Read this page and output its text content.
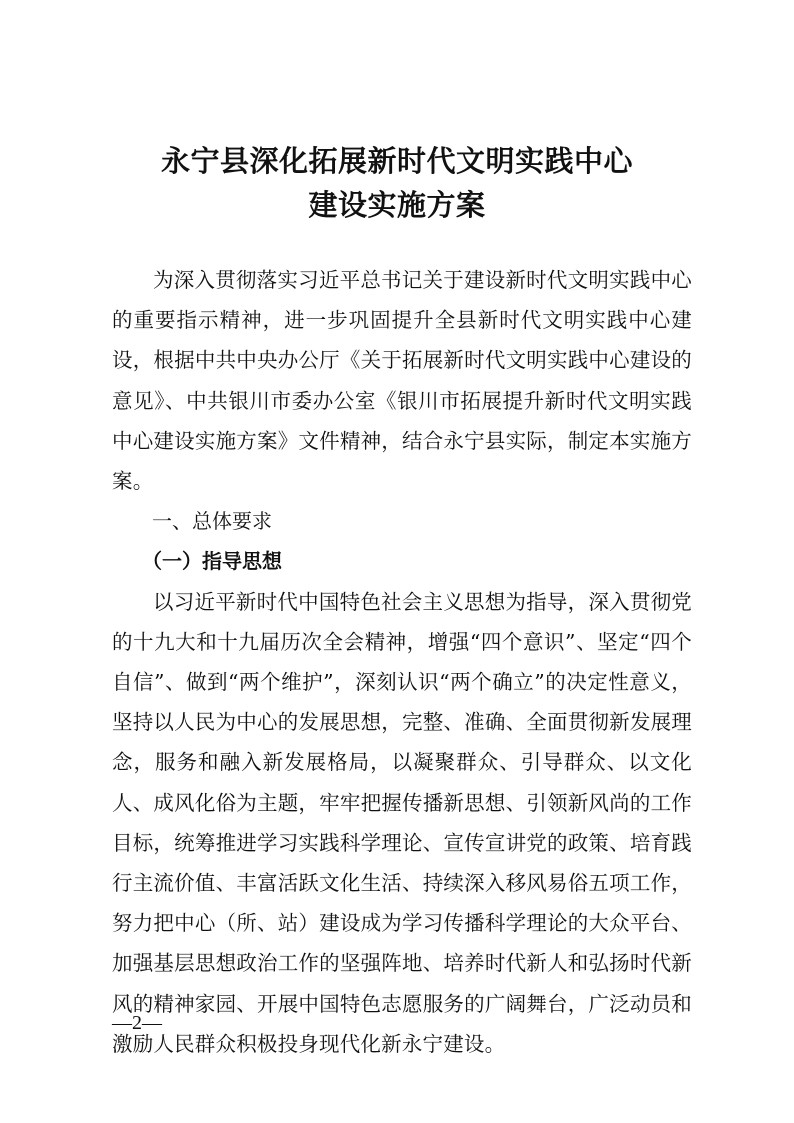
永宁县深化拓展新时代文明实践中心
建设实施方案

为深入贯彻落实习近平总书记关于建设新时代文明实践中心的重要指示精神，进一步巩固提升全县新时代文明实践中心建设，根据中共中央办公厅《关于拓展新时代文明实践中心建设的意见》、中共银川市委办公室《银川市拓展提升新时代文明实践中心建设实施方案》文件精神，结合永宁县实际，制定本实施方案。

一、总体要求

（一）指导思想

以习近平新时代中国特色社会主义思想为指导，深入贯彻党的十九大和十九届历次全会精神，增强“四个意识”、坚定“四个自信”、做到“两个维护”，深刻认识“两个确立”的决定性意义，坚持以人民为中心的发展思想，完整、准确、全面贯彻新发展理念，服务和融入新发展格局，以凝聚群众、引导群众、以文化人、成风化俗为主题，牢牢把握传播新思想、引领新风尚的工作目标，统筹推进学习实践科学理论、宣传宣讲党的政策、培育践行主流价值、丰富活跃文化生活、持续深入移风易俗五项工作，努力把中心（所、站）建设成为学习传播科学理论的大众平台、加强基层思想政治工作的坚强阵地、培养时代新人和弘扬时代新风的精神家园、开展中国特色志愿服务的广阔舞台，广泛动员和激励人民群众积极投身现代化新永宁建设。

—2—
